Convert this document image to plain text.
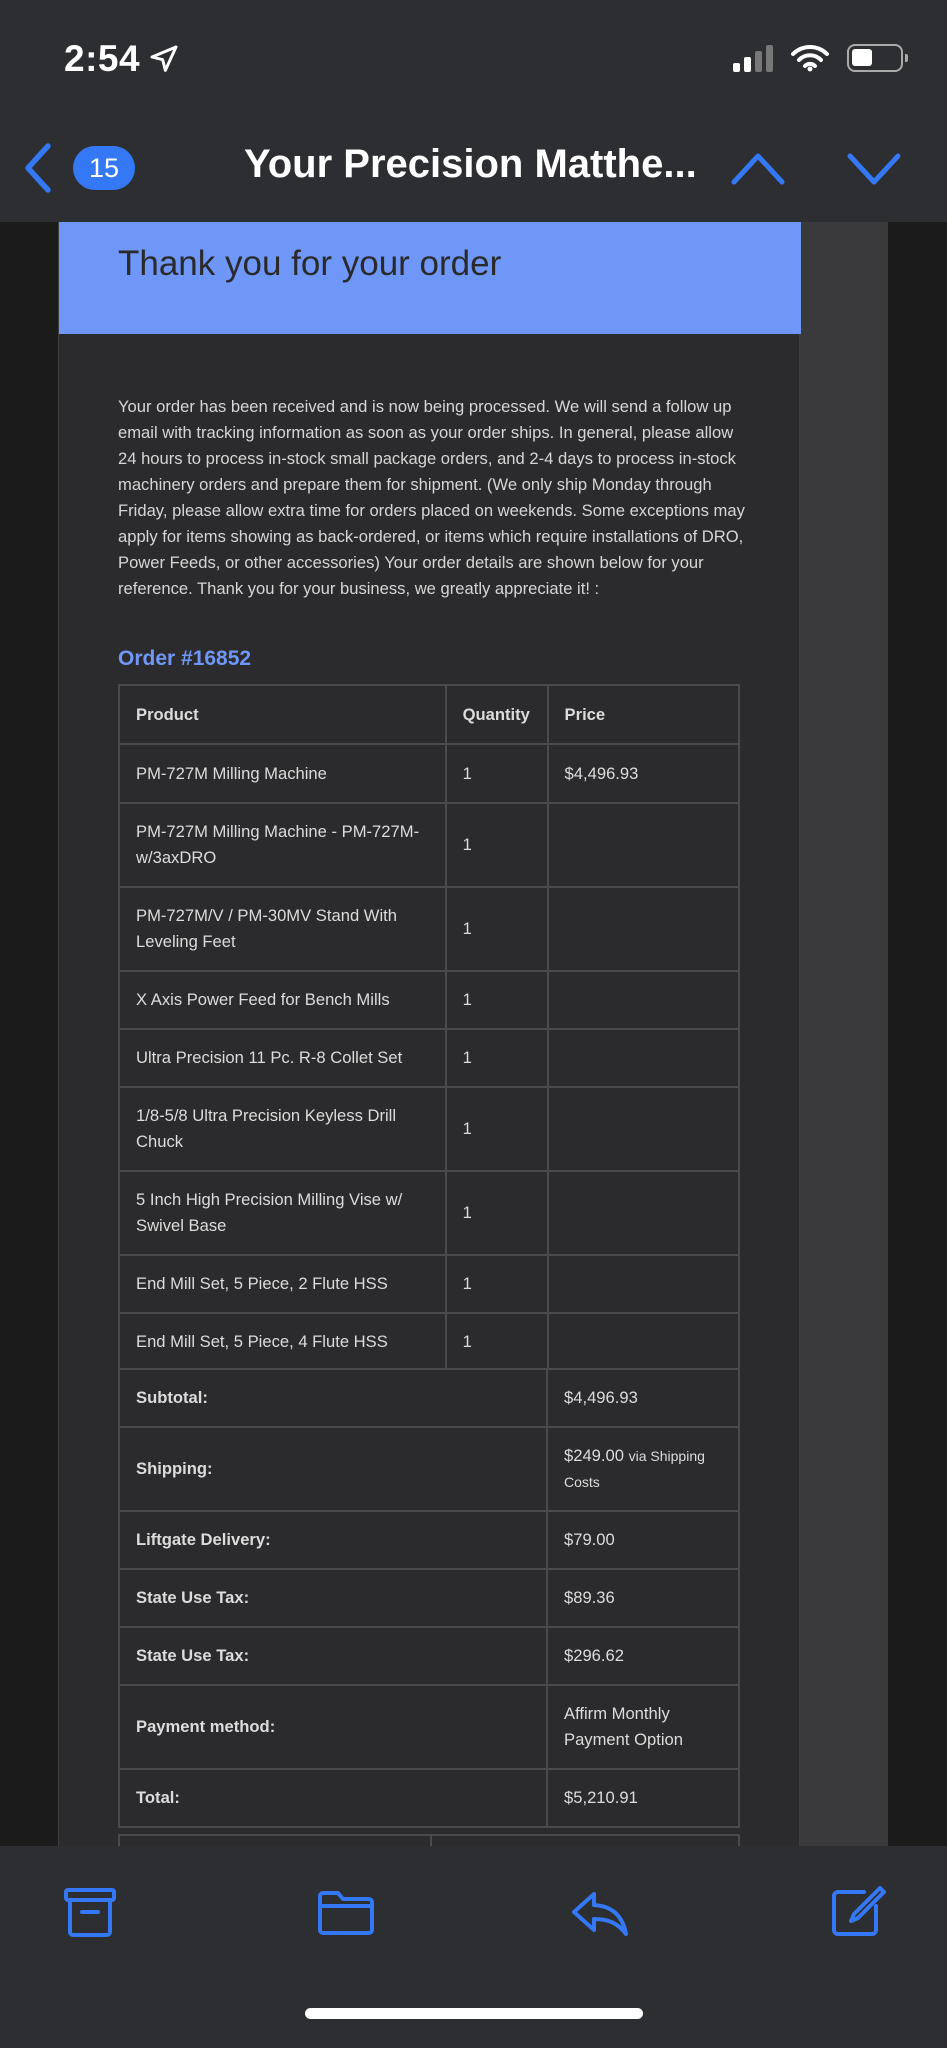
2:54
15	Your Precision Matthe...
Thank you for your order

Your order has been received and is now being processed. We will send a follow up email with tracking information as soon as your order ships. In general, please allow 24 hours to process in-stock small package orders, and 2-4 days to process in-stock machinery orders and prepare them for shipment. (We only ship Monday through Friday, please allow extra time for orders placed on weekends. Some exceptions may apply for items showing as back-ordered, or items which require installations of DRO, Power Feeds, or other accessories) Your order details are shown below for your reference. Thank you for your business, we greatly appreciate it! :

Order #16852
Product	Quantity	Price
PM-727M Milling Machine	1	$4,496.93
PM-727M Milling Machine - PM-727M-w/3axDRO	1	
PM-727M/V / PM-30MV Stand With Leveling Feet	1	
X Axis Power Feed for Bench Mills	1	
Ultra Precision 11 Pc. R-8 Collet Set	1	
1/8-5/8 Ultra Precision Keyless Drill Chuck	1	
5 Inch High Precision Milling Vise w/ Swivel Base	1	
End Mill Set, 5 Piece, 2 Flute HSS	1	
End Mill Set, 5 Piece, 4 Flute HSS	1	
Subtotal:	$4,496.93
Shipping:	$249.00 via Shipping Costs
Liftgate Delivery:	$79.00
State Use Tax:	$89.36
State Use Tax:	$296.62
Payment method:	Affirm Monthly Payment Option
Total:	$5,210.91
